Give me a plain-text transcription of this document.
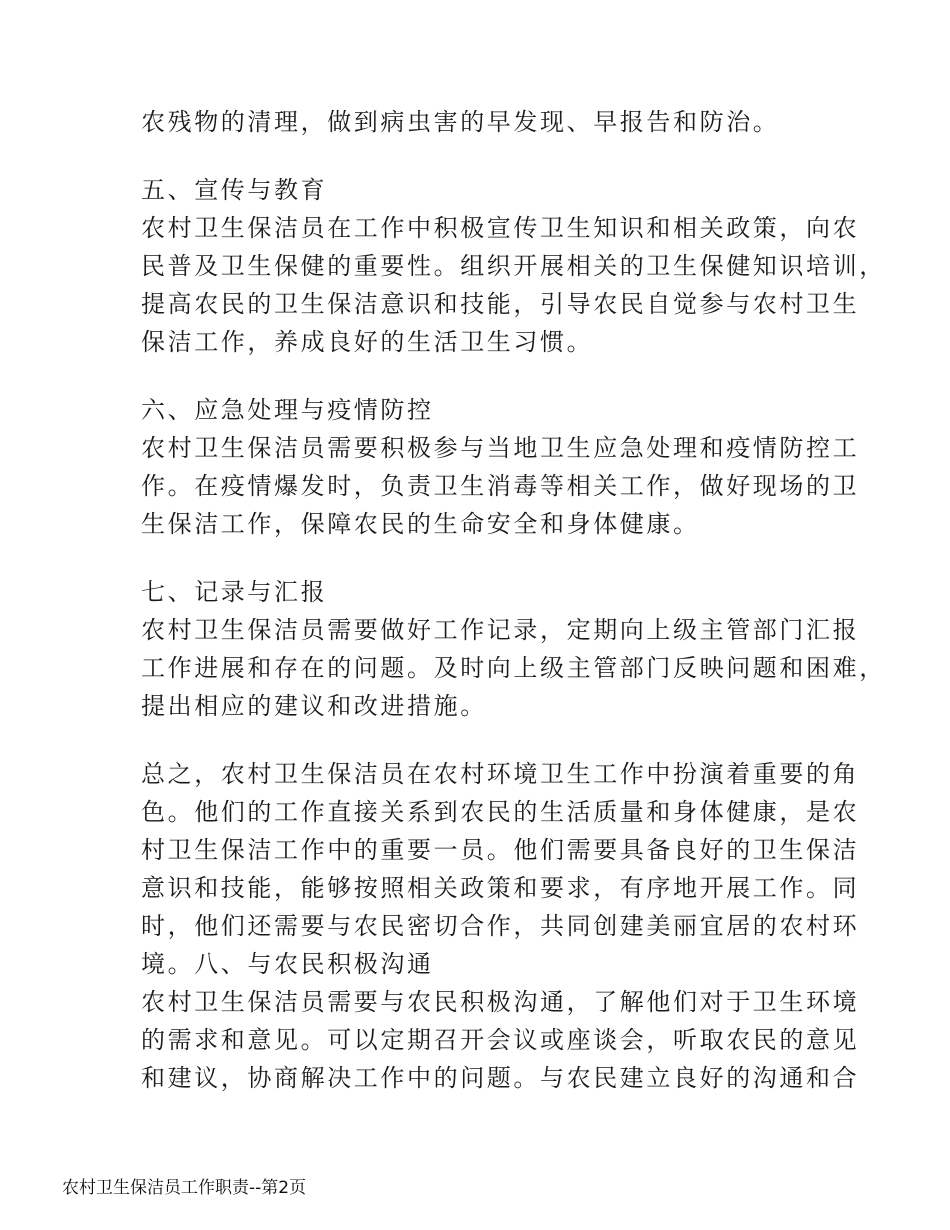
农残物的清理，做到病虫害的早发现、早报告和防治。
五、宣传与教育
农村卫生保洁员在工作中积极宣传卫生知识和相关政策，向农
民普及卫生保健的重要性。组织开展相关的卫生保健知识培训，
提高农民的卫生保洁意识和技能，引导农民自觉参与农村卫生
保洁工作，养成良好的生活卫生习惯。
六、应急处理与疫情防控
农村卫生保洁员需要积极参与当地卫生应急处理和疫情防控工
作。在疫情爆发时，负责卫生消毒等相关工作，做好现场的卫
生保洁工作，保障农民的生命安全和身体健康。
七、记录与汇报
农村卫生保洁员需要做好工作记录，定期向上级主管部门汇报
工作进展和存在的问题。及时向上级主管部门反映问题和困难，
提出相应的建议和改进措施。
总之，农村卫生保洁员在农村环境卫生工作中扮演着重要的角
色。他们的工作直接关系到农民的生活质量和身体健康，是农
村卫生保洁工作中的重要一员。他们需要具备良好的卫生保洁
意识和技能，能够按照相关政策和要求，有序地开展工作。同
时，他们还需要与农民密切合作，共同创建美丽宜居的农村环
境。八、与农民积极沟通
农村卫生保洁员需要与农民积极沟通，了解他们对于卫生环境
的需求和意见。可以定期召开会议或座谈会，听取农民的意见
和建议，协商解决工作中的问题。与农民建立良好的沟通和合
农村卫生保洁员工作职责--第2页
